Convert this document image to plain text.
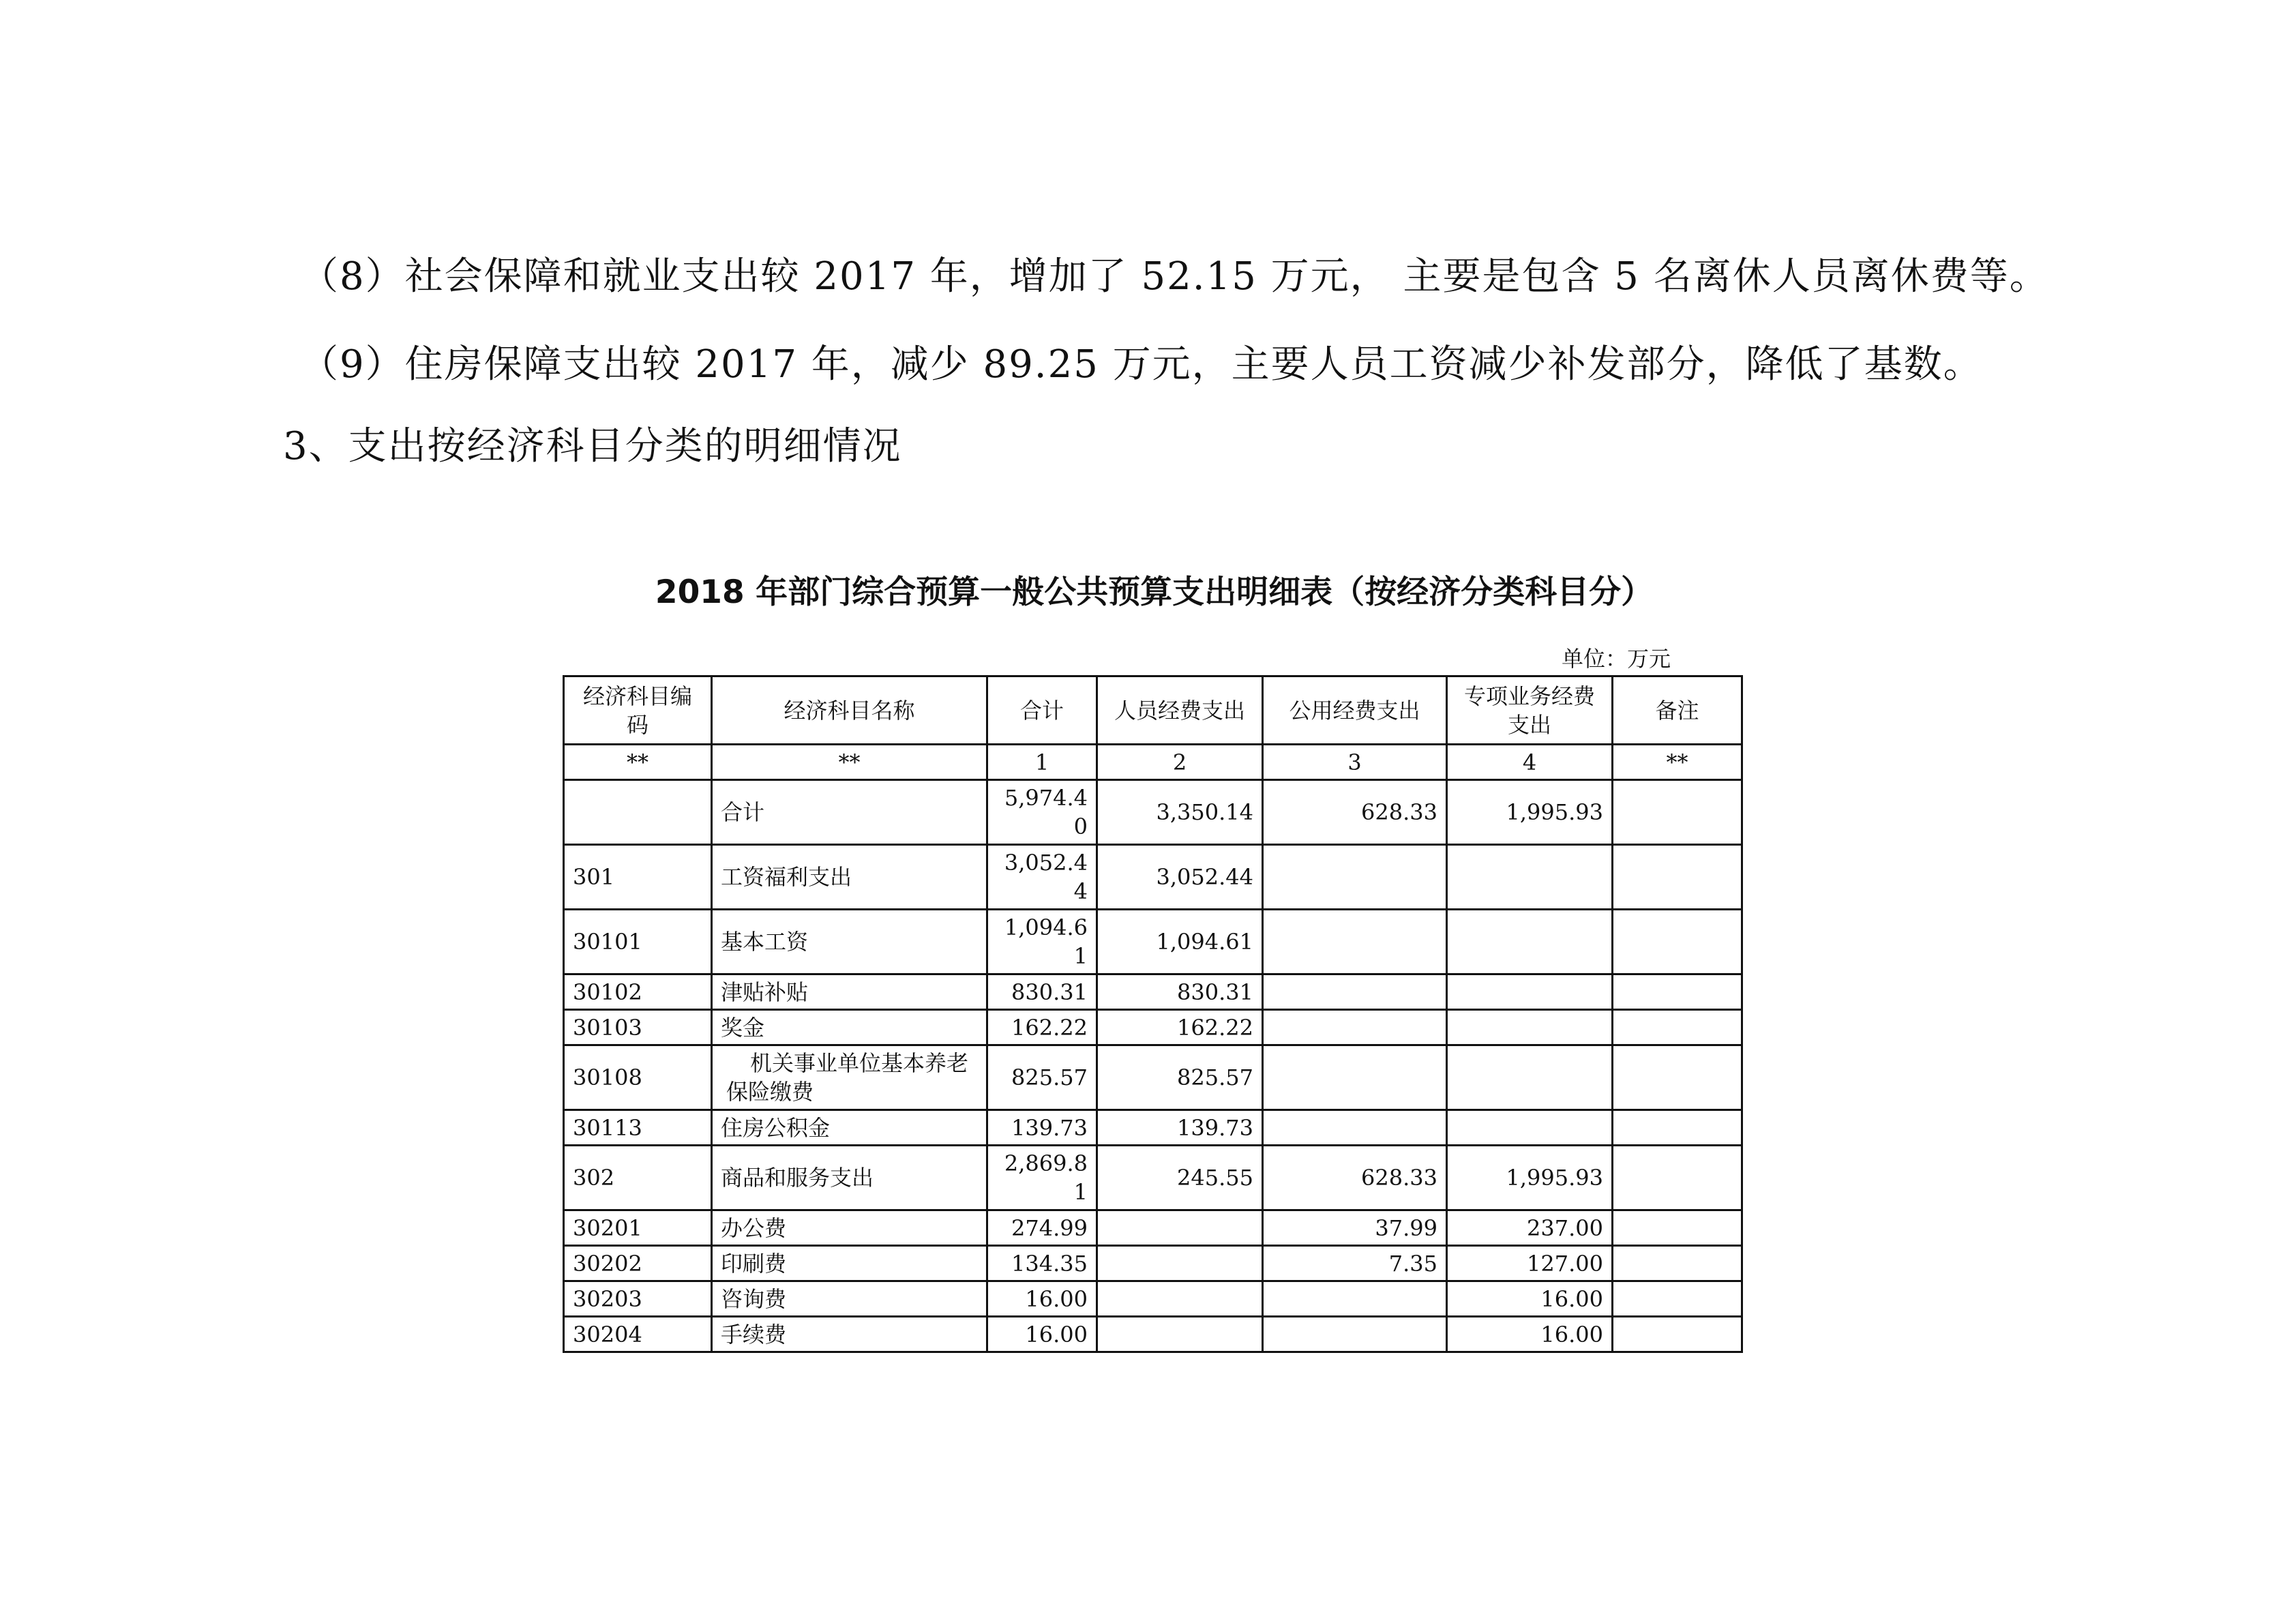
（8）社会保障和就业支出较 2017 年，增加了 52.15 万元， 主要是包含 5 名离休人员离休费等。
（9）住房保障支出较 2017 年，减少 89.25 万元，主要人员工资减少补发部分，降低了基数。
3、支出按经济科目分类的明细情况
2018 年部门综合预算一般公共预算支出明细表（按经济分类科目分）
单位：万元
经济科目编码	经济科目名称	合计	人员经费支出	公用经费支出	专项业务经费支出	备注
**	**	1	2	3	4	**
	合计	5,974.40	3,350.14	628.33	1,995.93	
301	工资福利支出	3,052.44	3,052.44			
30101	基本工资	1,094.61	1,094.61			
30102	津贴补贴	830.31	830.31			
30103	奖金	162.22	162.22			
30108	机关事业单位基本养老保险缴费	825.57	825.57			
30113	住房公积金	139.73	139.73			
302	商品和服务支出	2,869.81	245.55	628.33	1,995.93	
30201	办公费	274.99		37.99	237.00	
30202	印刷费	134.35		7.35	127.00	
30203	咨询费	16.00			16.00	
30204	手续费	16.00			16.00	
